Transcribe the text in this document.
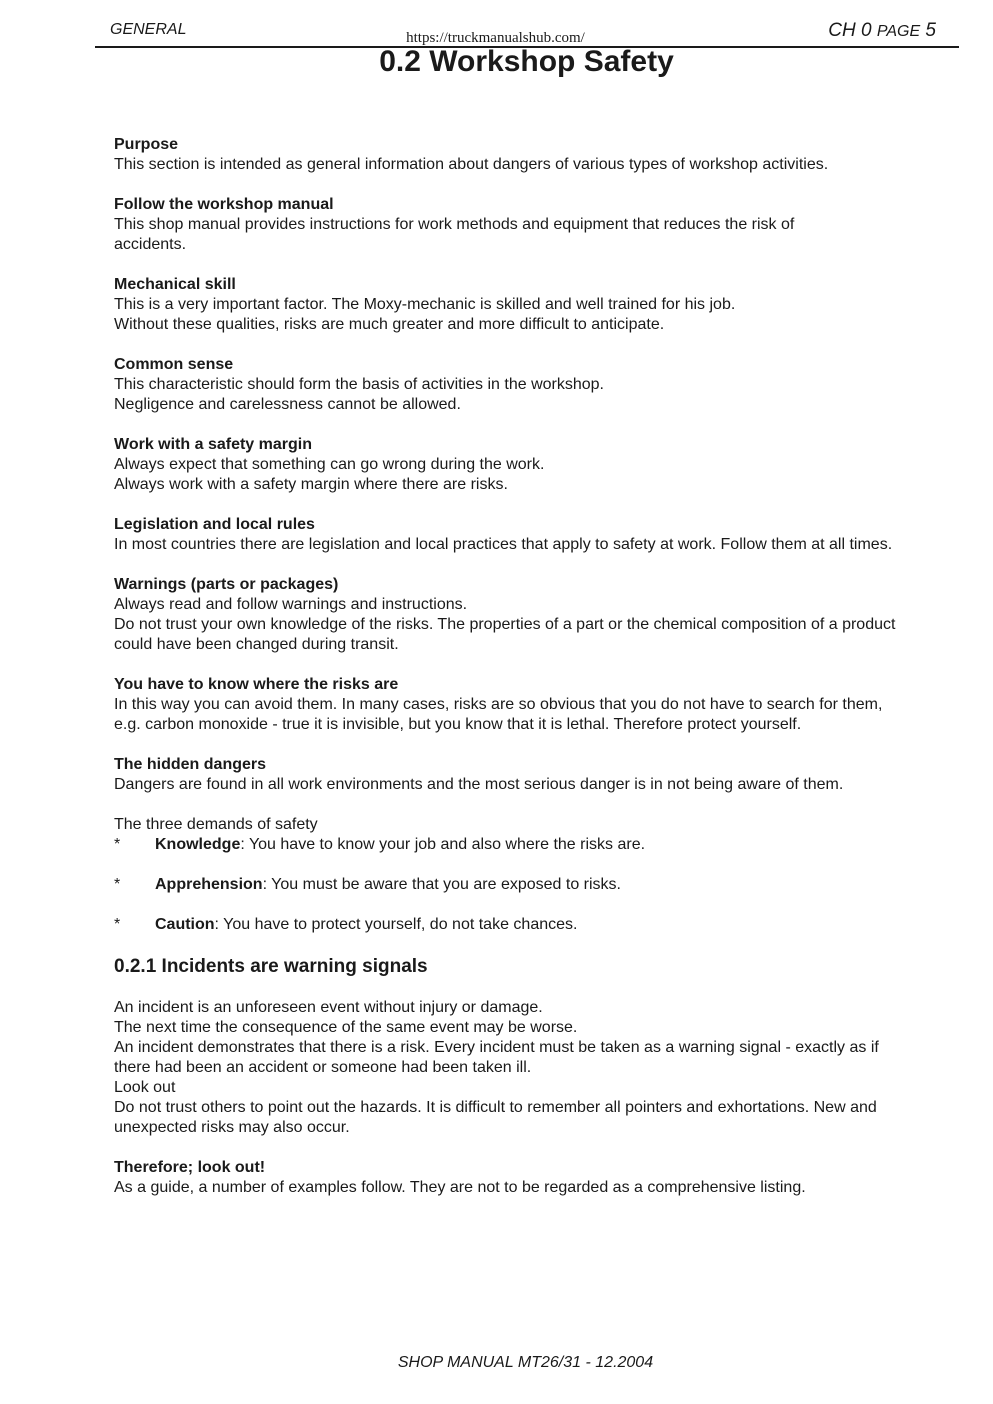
GENERAL	https://truckmanualshub.com/	CH 0 PAGE 5
0.2 Workshop Safety

Purpose

This section is intended as general information about dangers of various types of workshop activities.

Follow the workshop manual

This shop manual provides instructions for work methods and equipment that reduces the risk of

accidents.

Mechanical skill

This is a very important factor. The Moxy-mechanic is skilled and well trained for his job.

Without these qualities, risks are much greater and more difficult to anticipate.

Common sense

This characteristic should form the basis of activities in the workshop.

Negligence and carelessness cannot be allowed.

Work with a safety margin

Always expect that something can go wrong during the work.

Always work with a safety margin where there are risks.

Legislation and local rules

In most countries there are legislation and local practices that apply to safety at work. Follow them at all times.

Warnings (parts or packages)

Always read and follow warnings and instructions.

Do not trust your own knowledge of the risks. The properties of a part or the chemical composition of a product

could have been changed during transit.

You have to know where the risks are

In this way you can avoid them. In many cases, risks are so obvious that you do not have to search for them,

e.g. carbon monoxide - true it is invisible, but you know that it is lethal. Therefore protect yourself.

The hidden dangers

Dangers are found in all work environments and the most serious danger is in not being aware of them.

The three demands of safety

*	Knowledge: You have to know your job and also where the risks are.
*	Apprehension: You must be aware that you are exposed to risks.
*	Caution: You have to protect yourself, do not take chances.
0.2.1 Incidents are warning signals

An incident is an unforeseen event without injury or damage.

The next time the consequence of the same event may be worse.

An incident demonstrates that there is a risk. Every incident must be taken as a warning signal - exactly as if

there had been an accident or someone had been taken ill.

Look out

Do not trust others to point out the hazards. It is difficult to remember all pointers and exhortations. New and

unexpected risks may also occur.

Therefore; look out!

As a guide, a number of examples follow. They are not to be regarded as a comprehensive listing.

SHOP MANUAL MT26/31 - 12.2004
